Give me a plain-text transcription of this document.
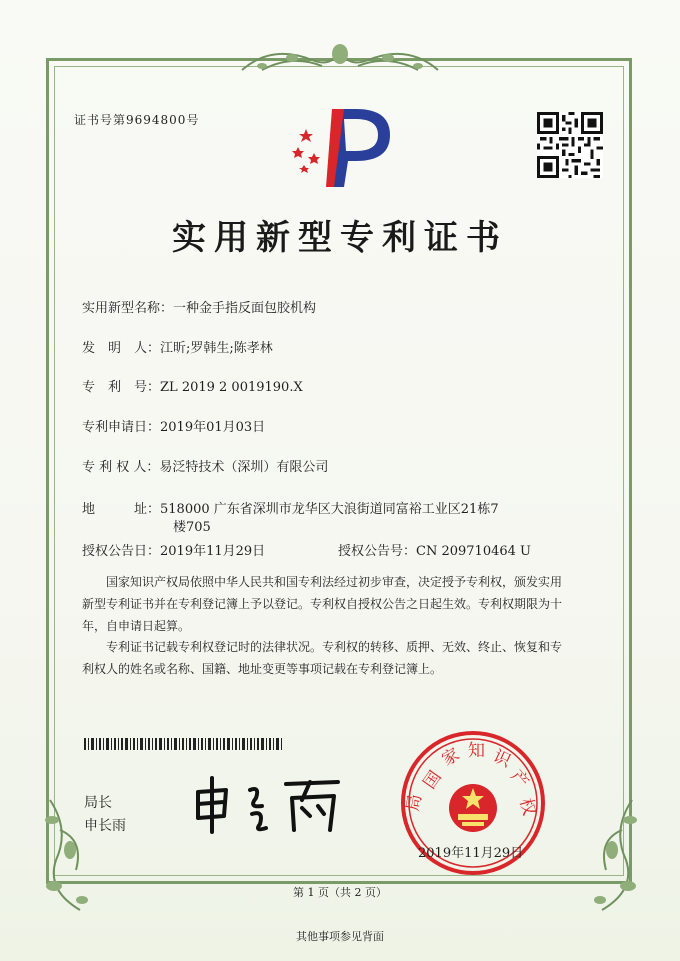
证书号第9694800号
实用新型专利证书
实用新型名称：一种金手指反面包胶机构
发　明　人：江昕;罗韩生;陈孝林
专　利　号：ZL 2019 2 0019190.X
专利申请日：2019年01月03日
专 利 权 人：易泛特技术（深圳）有限公司
地　　　址：518000 广东省深圳市龙华区大浪街道同富裕工业区21栋7
楼705
授权公告日：2019年11月29日	授权公告号：CN 209710464 U
国家知识产权局依照中华人民共和国专利法经过初步审查，决定授予专利权，颁发实用
新型专利证书并在专利登记簿上予以登记。专利权自授权公告之日起生效。专利权期限为十
年，自申请日起算。
专利证书记载专利权登记时的法律状况。专利权的转移、质押、无效、终止、恢复和专
利权人的姓名或名称、国籍、地址变更等事项记载在专利登记簿上。
局长
申长雨
国
家 知 识
产
权
局
2019年11月29日
第 1 页（共 2 页）
其他事项参见背面
